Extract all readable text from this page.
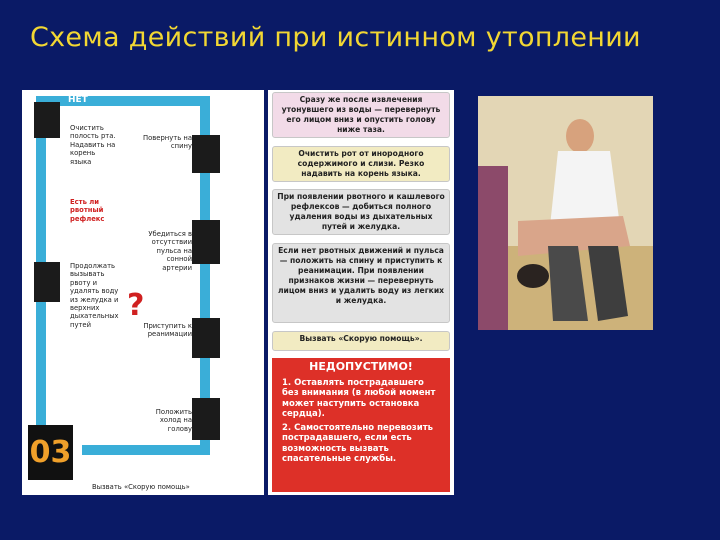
Схема действий при истинном утоплении
НЕТ
ДА
Очистить полость рта. Надавить на корень языка
Есть ли рвотный рефлекс
?
Продолжать вызывать рвоту и удалять воду из желудка и верхних дыхательных путей
Повернуть на спину
Убедиться в отсутствии пульса на сонной артерии
Приступить к реанимации
Положить холод на голову
03
Вызвать «Скорую помощь»
Сразу же после извлечения утонувшего из воды — перевернуть его лицом вниз и опустить голову ниже таза.
Очистить рот от инородного содержимого и слизи. Резко надавить на корень языка.
При появлении рвотного и кашлевого рефлексов — добиться полного удаления воды из дыхательных путей и желудка.
Если нет рвотных движений и пульса — положить на спину и приступить к реанимации. При появлении признаков жизни — перевернуть лицом вниз и удалить воду из легких и желудка.
Вызвать «Скорую помощь».
НЕДОПУСТИМО!

1. Оставлять пострадавшего без внимания (в любой момент может наступить остановка сердца).

2. Самостоятельно перевозить пострадавшего, если есть возможность вызвать спасательные службы.
